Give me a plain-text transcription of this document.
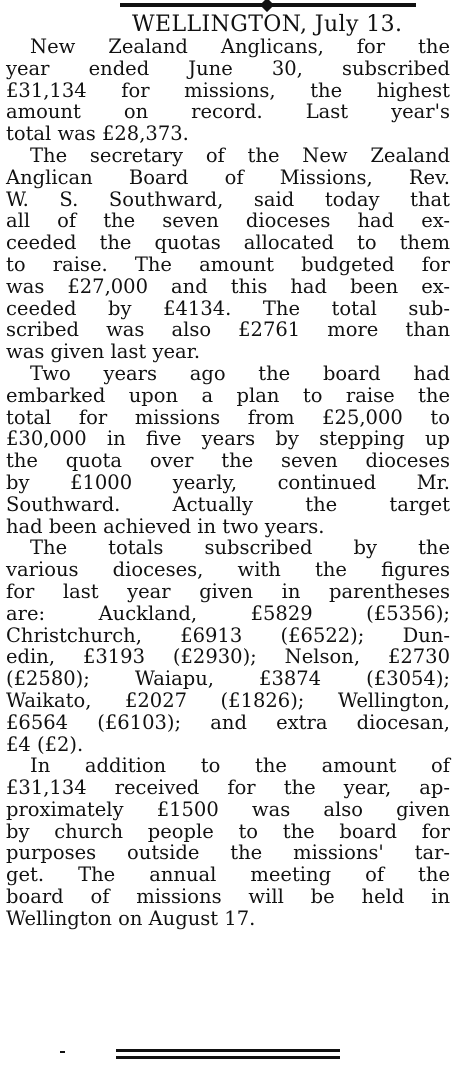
WELLINGTON, July 13.
New Zealand Anglicans, for the
year ended June 30, subscribed
£31,134 for missions, the highest
amount on record. Last year's
total was £28,373.
The secretary of the New Zealand
Anglican Board of Missions, Rev.
W. S. Southward, said today that
all of the seven dioceses had ex-
ceeded the quotas allocated to them
to raise. The amount budgeted for
was £27,000 and this had been ex-
ceeded by £4134. The total sub-
scribed was also £2761 more than
was given last year.
Two years ago the board had
embarked upon a plan to raise the
total for missions from £25,000 to
£30,000 in five years by stepping up
the quota over the seven dioceses
by £1000 yearly, continued Mr.
Southward. Actually the target
had been achieved in two years.
The totals subscribed by the
various dioceses, with the figures
for last year given in parentheses
are: Auckland, £5829 (£5356);
Christchurch, £6913 (£6522); Dun-
edin, £3193 (£2930); Nelson, £2730
(£2580); Waiapu, £3874 (£3054);
Waikato, £2027 (£1826); Wellington,
£6564 (£6103); and extra diocesan,
£4 (£2).
In addition to the amount of
£31,134 received for the year, ap-
proximately £1500 was also given
by church people to the board for
purposes outside the missions' tar-
get. The annual meeting of the
board of missions will be held in
Wellington on August 17.
